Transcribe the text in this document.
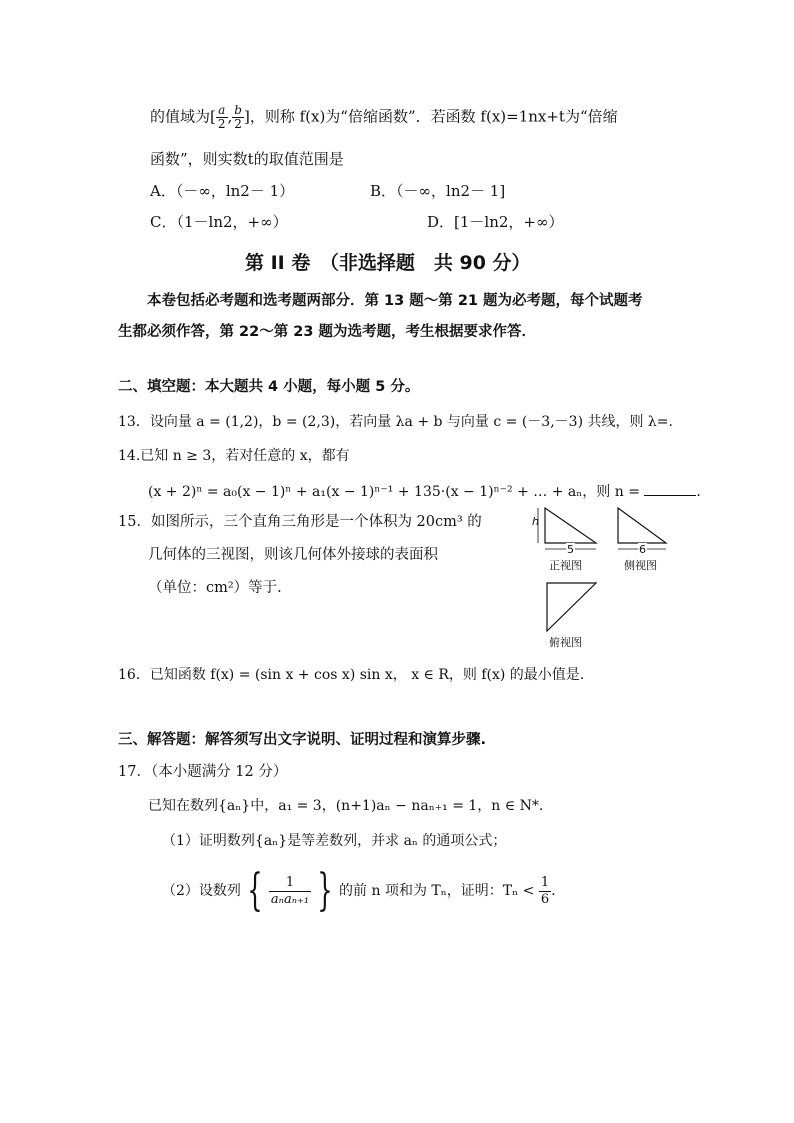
的值域为[ $\frac{a}{2}$ , $\frac{b}{2}$ ]，则称 f(x)为“倍缩函数”．若函数 f(x)=1nx+t为“倍缩
函数”，则实数t的取值范围是
A．（－∞，ln2－ 1）	B．（－∞，ln2－ 1]
C．（1－ln2，+∞）	D．[1－ln2，+∞）
第 II 卷　（非选择题　共 90 分）
本卷包括必考题和选考题两部分．第 13 题～第 21 题为必考题，每个试题考
生都必须作答，第 22～第 23 题为选考题，考生根据要求作答．
二、填空题：本大题共 4 小题，每小题 5 分。
13．设向量 a = (1,2)，b = (2,3)，若向量 λa + b 与向量 c = (－3,－3) 共线，则 λ=.
14.已知 n ≥ 3，若对任意的 x，都有
(x + 2)ⁿ = a₀(x − 1)ⁿ + a₁(x − 1)ⁿ⁻¹ + 135·(x − 1)ⁿ⁻² + … + aₙ，则 n =	.
15．如图所示，三个直角三角形是一个体积为 20cm³ 的
几何体的三视图，则该几何体外接球的表面积
（单位：cm²）等于.
h
5	6
正视图	侧视图
俯视图
16．已知函数 f(x) = (sin x + cos x) sin x， x ∈ R，则 f(x) 的最小值是.
三、解答题：解答须写出文字说明、证明过程和演算步骤.
17．（本小题满分 12 分）
已知在数列{aₙ}中，a₁ = 3，(n+1)aₙ − naₙ₊₁ = 1，n ∈ N*.
（1）证明数列{aₙ}是等差数列，并求 aₙ 的通项公式；
（2）设数列 { $\frac{1}{\text{aₙaₙ₊₁}}$ } 的前 n 项和为 Tₙ，证明：$T_n < \frac{1}{6}$ .
